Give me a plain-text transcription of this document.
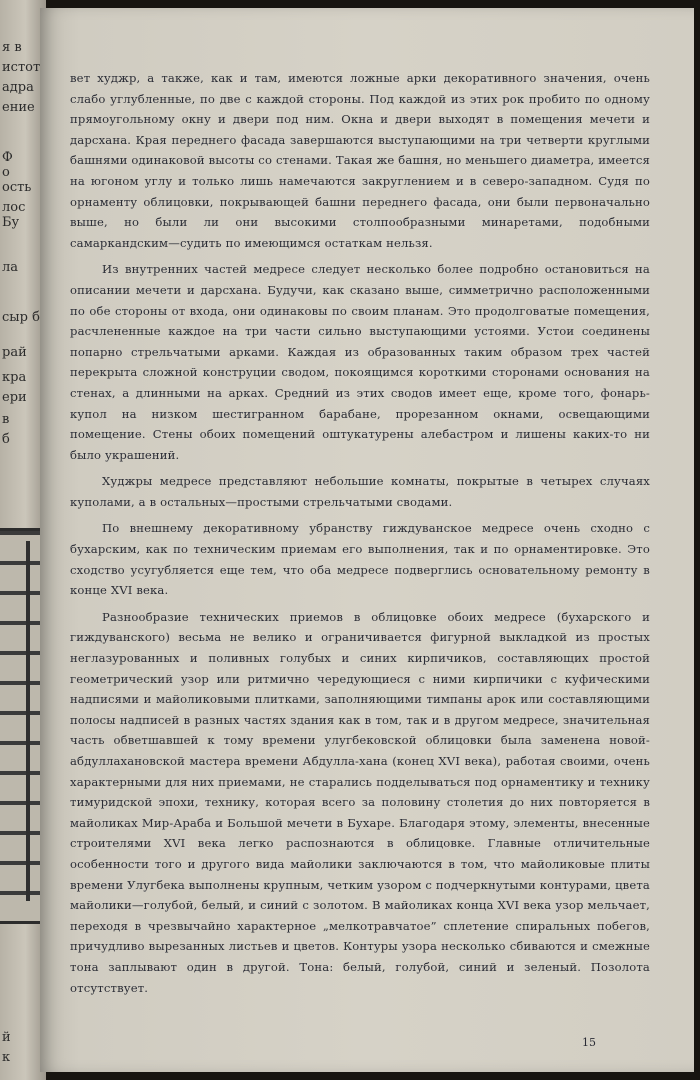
я в
истот
адра
ение
Ф
о
ость
лос
Бу
ла
сыр б
рай
кра
ери
в
б
й
к

вет худжр, а также, как и там, имеются ложные арки декоративного значения, очень слабо углубленные, по две с каждой стороны. Под каждой из этих рок пробито по одному прямоугольному окну и двери под ним. Окна и двери выходят в помещения мечети и дарсхана. Края переднего фасада завершаются выступающими на три четверти круглыми башнями одинаковой высоты со стенами. Такая же башня, но меньшего диаметра, имеется на югоном углу и только лишь намечаются закруглением и в северо-западном. Судя по орнаменту облицовки, покрывающей башни переднего фасада, они были первоначально выше, но были ли они высокими столпообразными минаретами, подобными самаркандским—судить по имеющимся остаткам нельзя.

Из внутренних частей медресе следует несколько более подробно остановиться на описании мечети и дарсхана. Будучи, как сказано выше, симметрично расположенными по обе стороны от входа, они одинаковы по своим планам. Это продолговатые помещения, расчлененные каждое на три части сильно выступающими устоями. Устои соединены попарно стрельчатыми арками. Каждая из образованных таким образом трех частей перекрыта сложной конструции сводом, покоящимся короткими сторонами основания на стенах, а длинными на арках. Средний из этих сводов имеет еще, кроме того, фонарь-купол на низком шестигранном барабане, прорезанном окнами, освещающими помещение. Стены обоих помещений оштукатурены алебастром и лишены каких-то ни было украшений.

Худжры медресе представляют небольшие комнаты, покрытые в четырех случаях куполами, а в остальных—простыми стрельчатыми сводами.

По внешнему декоративному убранству гиждуванское медресе очень сходно с бухарским, как по техническим приемам его выполнения, так и по орнаментировке. Это сходство усугубляется еще тем, что оба медресе подверглись основательному ремонту в конце XVI века.

Разнообразие технических приемов в облицовке обоих медресе (бухарского и гиждуванского) весьма не велико и ограничивается фигурной выкладкой из простых неглазурованных и поливных голубых и синих кирпичиков, составляющих простой геометрический узор или ритмично чередующиеся с ними кирпичики с куфическими надписями и майоликовыми плитками, заполняющими тимпаны арок или составляющими полосы надписей в разных частях здания как в том, так и в другом медресе, значительная часть обветшавшей к тому времени улугбековской облицовки была заменена новой-абдуллахановской мастера времени Абдулла-хана (конец XVI века), работая своими, очень характерными для них приемами, не старались подделываться под орнаментику и технику тимуридской эпохи, технику, которая всего за половину столетия до них повторяется в майоликах Мир-Араба и Большой мечети в Бухаре. Благодаря этому, элементы, внесенные строителями XVI века легко распознаются в облицовке. Главные отличительные особенности того и другого вида майолики заключаются в том, что майоликовые плиты времени Улугбека выполнены крупным, четким узором с подчеркнутыми контурами, цвета майолики—голубой, белый, и синий с золотом. В майоликах конца XVI века узор мельчает, переходя в чрезвычайно характерное „мелкотравчатое” сплетение спиральных побегов, причудливо вырезанных листьев и цветов. Контуры узора несколько сбиваются и смежные тона заплывают один в другой. Тона: белый, голубой, синий и зеленый. Позолота отсутствует.

15
